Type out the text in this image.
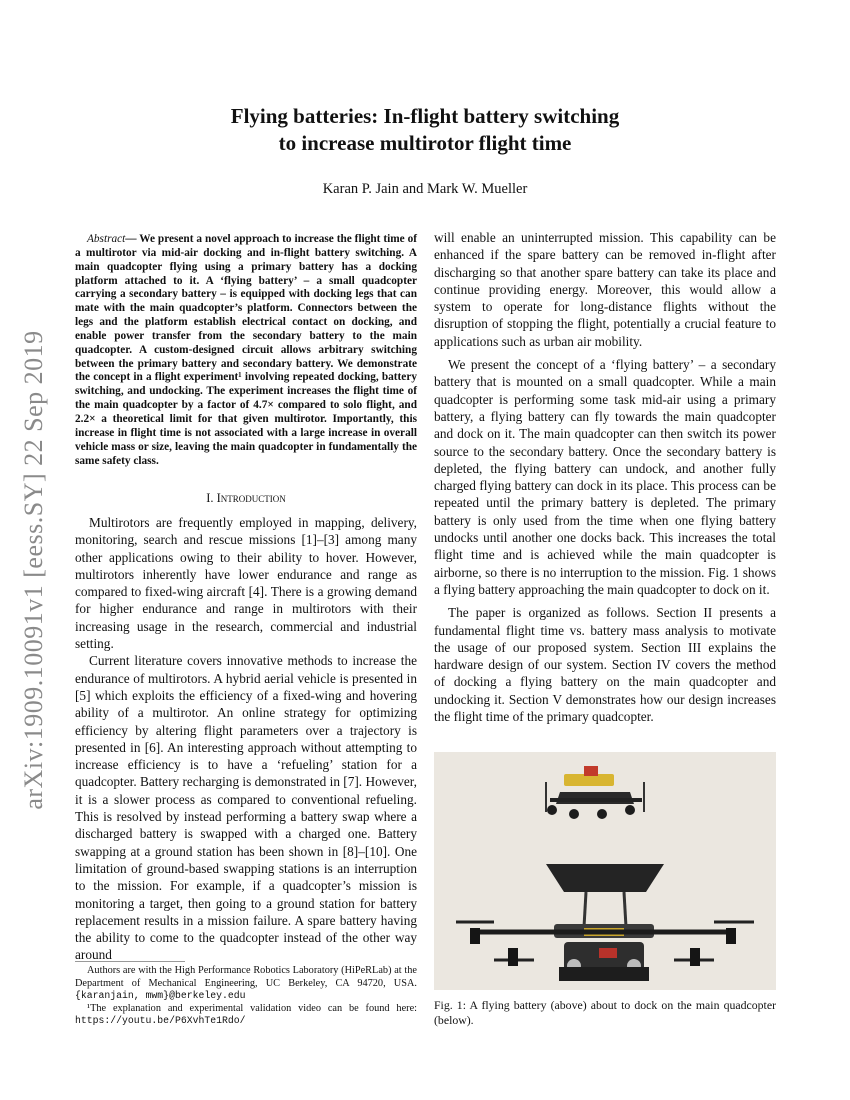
arXiv:1909.10091v1 [eess.SY] 22 Sep 2019
Flying batteries: In-flight battery switching
to increase multirotor flight time
Karan P. Jain and Mark W. Mueller
Abstract— We present a novel approach to increase the flight time of a multirotor via mid-air docking and in-flight battery switching. A main quadcopter flying using a primary battery has a docking platform attached to it. A ‘flying battery’ – a small quadcopter carrying a secondary battery – is equipped with docking legs that can mate with the main quadcopter’s platform. Connectors between the legs and the platform establish electrical contact on docking, and enable power transfer from the secondary battery to the main quadcopter. A custom-designed circuit allows arbitrary switching between the primary battery and secondary battery. We demonstrate the concept in a flight experiment¹ involving repeated docking, battery switching, and undocking. The experiment increases the flight time of the main quadcopter by a factor of 4.7× compared to solo flight, and 2.2× a theoretical limit for that given multirotor. Importantly, this increase in flight time is not associated with a large increase in overall vehicle mass or size, leaving the main quadcopter in fundamentally the same safety class.
I. Introduction

Multirotors are frequently employed in mapping, delivery, monitoring, search and rescue missions [1]–[3] among many other applications owing to their ability to hover. However, multirotors inherently have lower endurance and range as compared to fixed-wing aircraft [4]. There is a growing demand for higher endurance and range in multirotors with their increasing usage in the research, commercial and industrial setting.

Current literature covers innovative methods to increase the endurance of multirotors. A hybrid aerial vehicle is presented in [5] which exploits the efficiency of a fixed-wing and hovering ability of a multirotor. An online strategy for optimizing efficiency by altering flight parameters over a trajectory is presented in [6]. An interesting approach without attempting to increase efficiency is to have a ‘refueling’ station for a quadcopter. Battery recharging is demonstrated in [7]. However, it is a slower process as compared to conventional refueling. This is resolved by instead performing a battery swap where a discharged battery is swapped with a charged one. Battery swapping at a ground station has been shown in [8]–[10]. One limitation of ground-based swapping stations is an interruption to the mission. For example, if a quadcopter’s mission is monitoring a target, then going to a ground station for battery replacement results in a mission failure. A spare battery having the ability to come to the quadcopter instead of the other way around

Authors are with the High Performance Robotics Laboratory (HiPeRLab) at the Department of Mechanical Engineering, UC Berkeley, CA 94720, USA. {karanjain, mwm}@berkeley.edu
¹The explanation and experimental validation video can be found here: https://youtu.be/P6XvhTe1Rdo/

will enable an uninterrupted mission. This capability can be enhanced if the spare battery can be removed in-flight after discharging so that another spare battery can take its place and continue providing energy. Moreover, this would allow a system to operate for long-distance flights without the disruption of stopping the flight, potentially a crucial feature to applications such as urban air mobility.

We present the concept of a ‘flying battery’ – a secondary battery that is mounted on a small quadcopter. While a main quadcopter is performing some task mid-air using a primary battery, a flying battery can fly towards the main quadcopter and dock on it. The main quadcopter can then switch its power source to the secondary battery. Once the secondary battery is depleted, the flying battery can undock, and another fully charged flying battery can dock in its place. This process can be repeated until the primary battery is depleted. The primary battery is only used from the time when one flying battery undocks until another one docks back. This increases the total flight time and is achieved while the main quadcopter is airborne, so there is no interruption to the mission. Fig. 1 shows a flying battery approaching the main quadcopter to dock on it.

The paper is organized as follows. Section II presents a fundamental flight time vs. battery mass analysis to motivate the usage of our proposed system. Section III explains the hardware design of our system. Section IV covers the method of docking a flying battery on the main quadcopter and undocking it. Section V demonstrates how our design increases the flight time of the primary quadcopter.

Fig. 1: A flying battery (above) about to dock on the main quadcopter (below).
